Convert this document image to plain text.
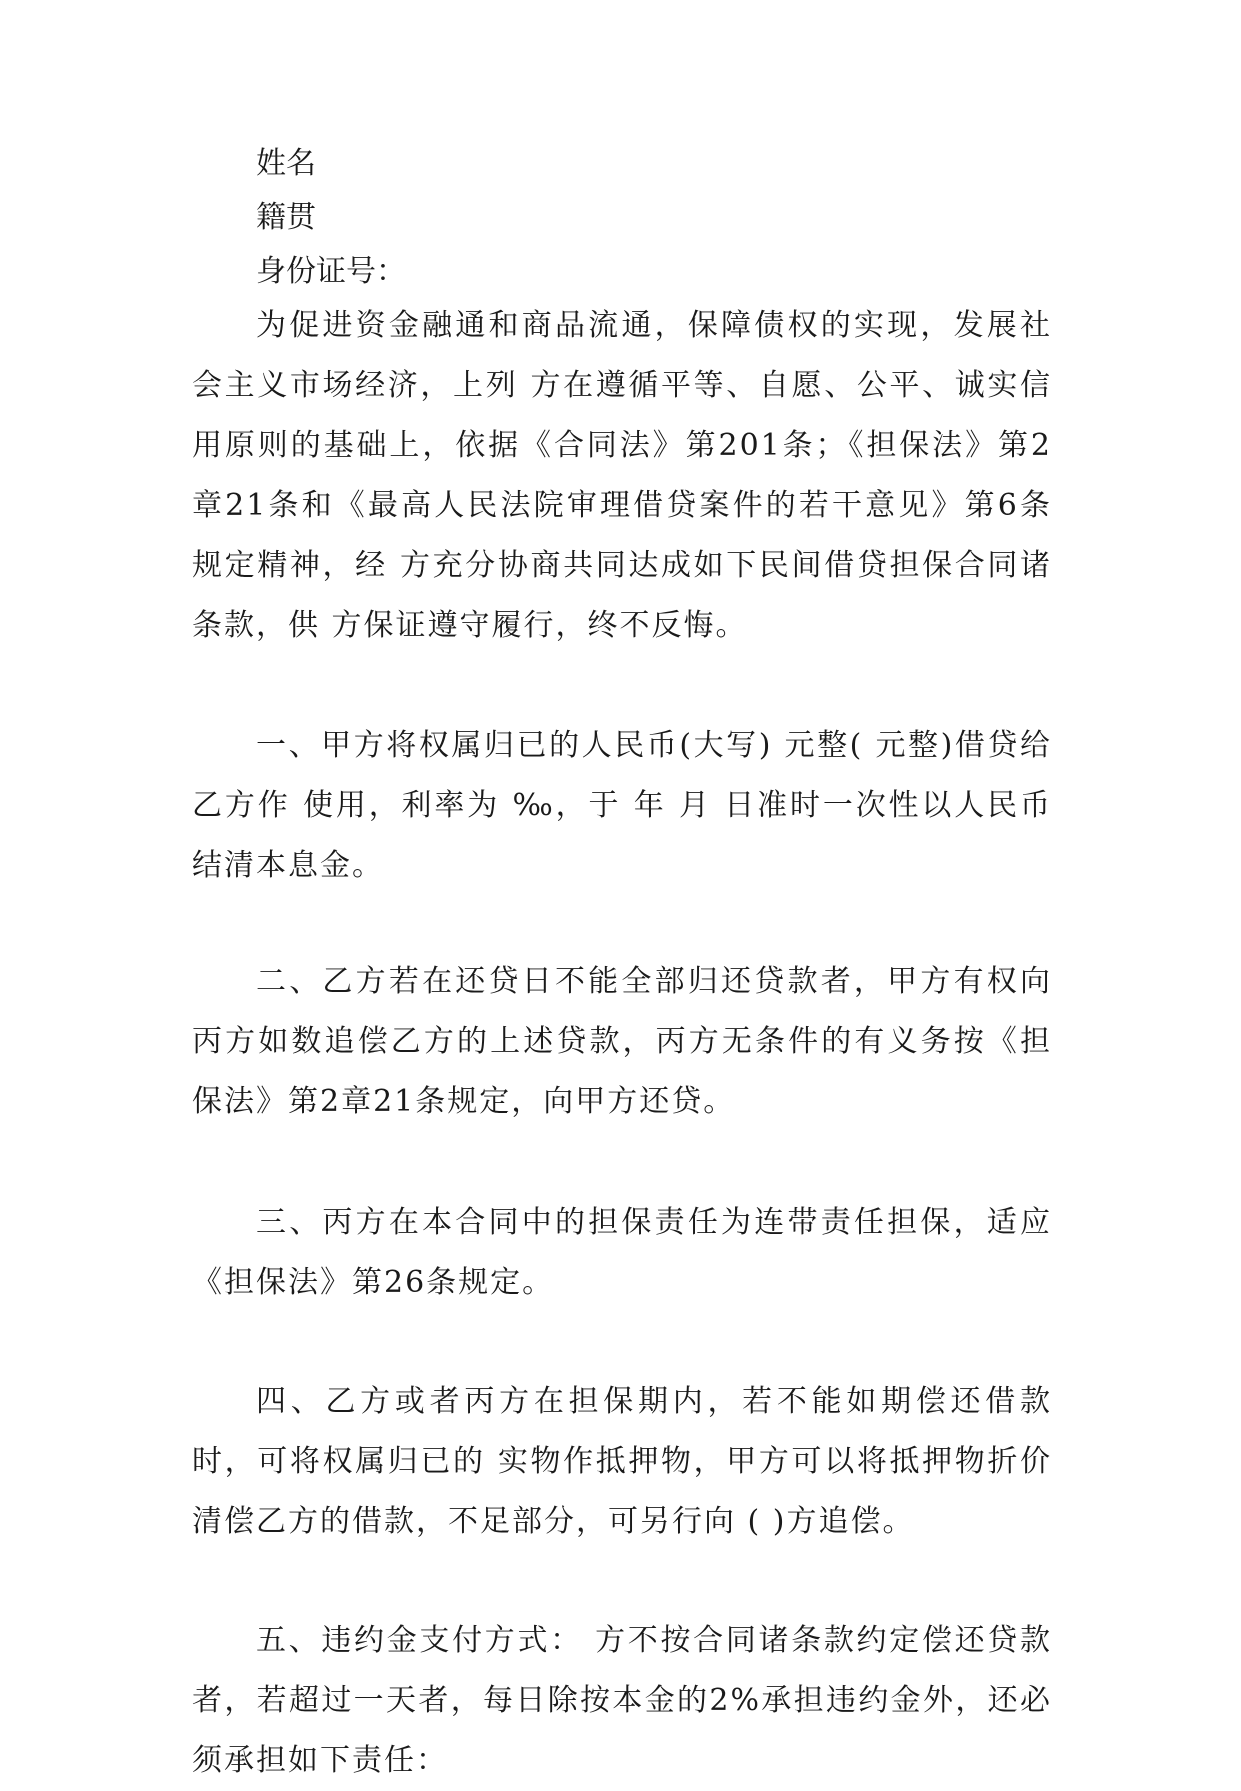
姓名
籍贯
身份证号：

为促进资金融通和商品流通，保障债权的实现，发展社会主义市场经济，上列 方在遵循平等、自愿、公平、诚实信用原则的基础上，依据《合同法》第201条；《担保法》第2章21条和《最高人民法院审理借贷案件的若干意见》第6条规定精神，经 方充分协商共同达成如下民间借贷担保合同诸条款，供 方保证遵守履行，终不反悔。

一、甲方将权属归已的人民币(大写) 元整( 元整)借贷给乙方作 使用，利率为 ‰，于 年 月 日准时一次性以人民币结清本息金。

二、乙方若在还贷日不能全部归还贷款者，甲方有权向丙方如数追偿乙方的上述贷款，丙方无条件的有义务按《担保法》第2章21条规定，向甲方还贷。

三、丙方在本合同中的担保责任为连带责任担保，适应《担保法》第26条规定。

四、乙方或者丙方在担保期内，若不能如期偿还借款时，可将权属归已的 实物作抵押物，甲方可以将抵押物折价清偿乙方的借款，不足部分，可另行向 ( )方追偿。

五、违约金支付方式： 方不按合同诸条款约定偿还贷款者，若超过一天者，每日除按本金的2%承担违约金外，还必须承担如下责任：
